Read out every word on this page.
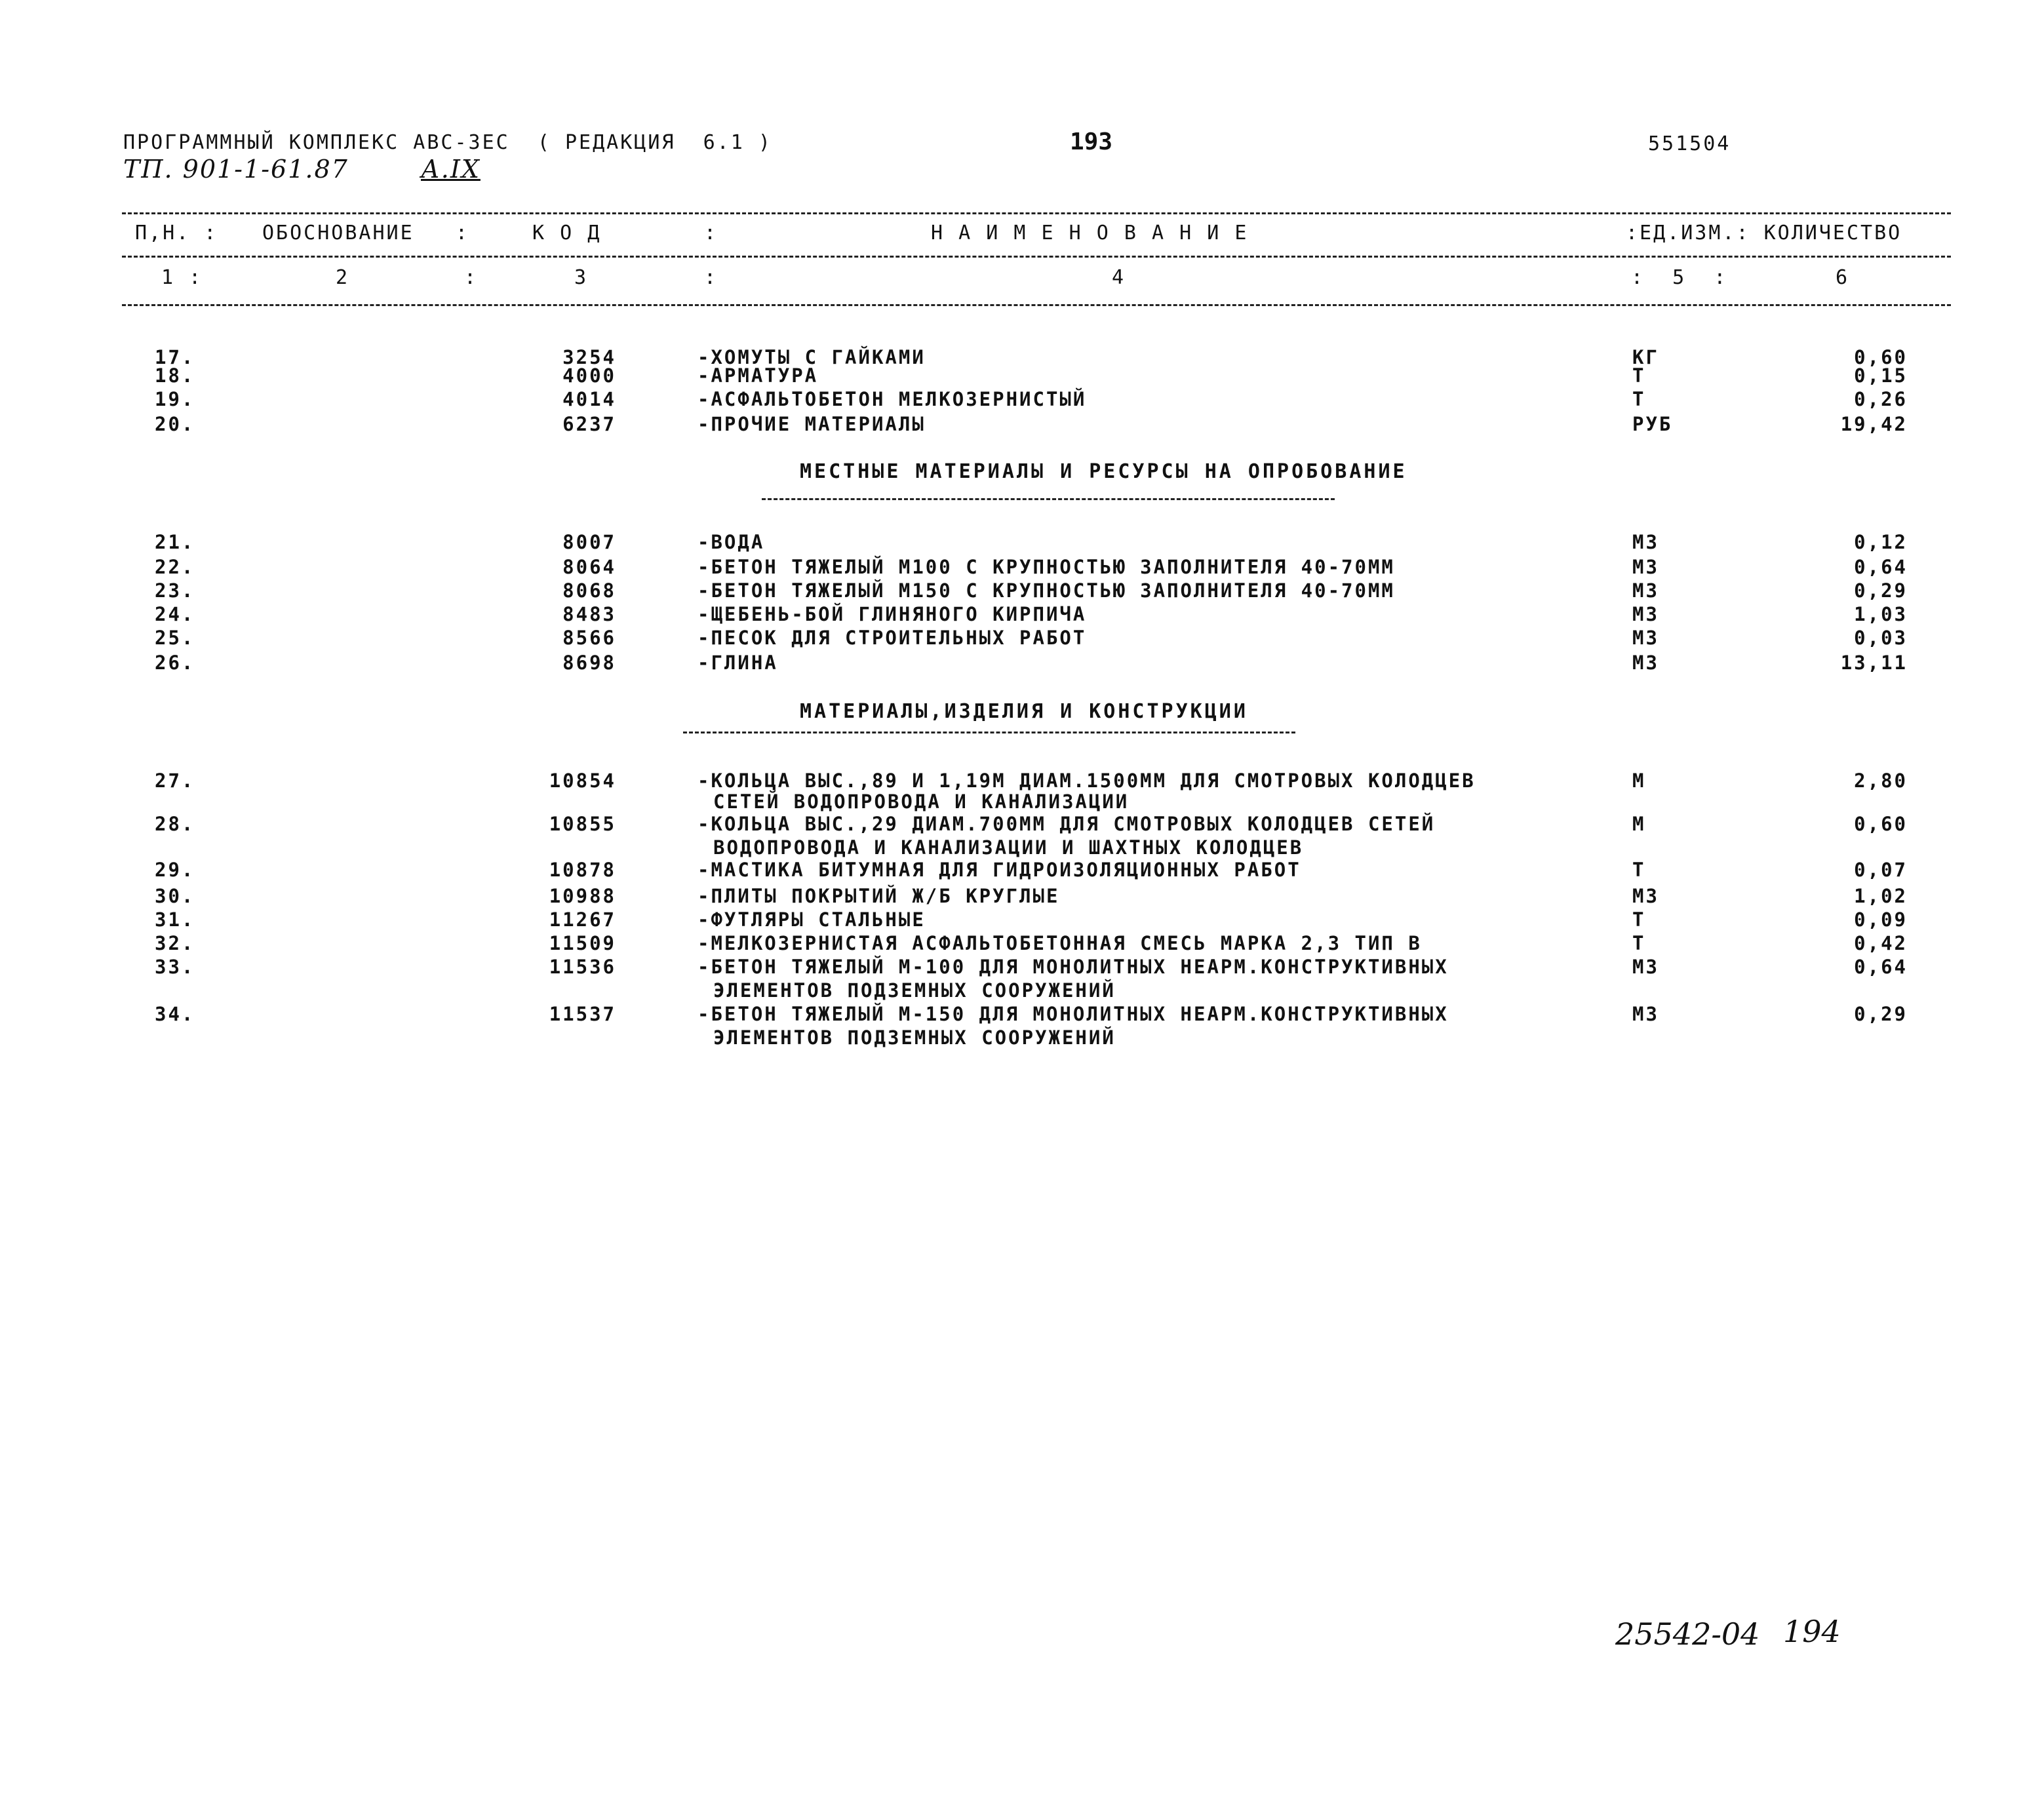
ПРОГРАММНЫЙ КОМПЛЕКС АВС-ЗЕС  ( РЕДАКЦИЯ  6.1 )	193	551504
ТП. 901-1-61.87	А.IX
П,Н. : ОБОСНОВАНИЕ   :	К О Д	:	Н А И М Е Н О В А Н И Е	:ЕД.ИЗМ.: КОЛИЧЕСТВО
1 :	2	:	3	:	4	:  5  :	6
17.	3254	-ХОМУТЫ С ГАЙКАМИ	КГ	0,60
18.	4000	-АРМАТУРА	Т	0,15
19.	4014	-АСФАЛЬТОБЕТОН МЕЛКОЗЕРНИСТЫЙ	Т	0,26
20.	6237	-ПРОЧИЕ МАТЕРИАЛЫ	РУБ	19,42
МЕСТНЫЕ МАТЕРИАЛЫ И РЕСУРСЫ НА ОПРОБОВАНИЕ
21.	8007	-ВОДА	М3	0,12
22.	8064	-БЕТОН ТЯЖЕЛЫЙ М100 С КРУПНОСТЬЮ ЗАПОЛНИТЕЛЯ 40-70ММ	М3	0,64
23.	8068	-БЕТОН ТЯЖЕЛЫЙ М150 С КРУПНОСТЬЮ ЗАПОЛНИТЕЛЯ 40-70ММ	М3	0,29
24.	8483	-ЩЕБЕНЬ-БОЙ ГЛИНЯНОГО КИРПИЧА	М3	1,03
25.	8566	-ПЕСОК ДЛЯ СТРОИТЕЛЬНЫХ РАБОТ	М3	0,03
26.	8698	-ГЛИНА	М3	13,11
МАТЕРИАЛЫ,ИЗДЕЛИЯ И КОНСТРУКЦИИ
27.	10854	-КОЛЬЦА ВЫС.,89 И 1,19М ДИАМ.1500ММ ДЛЯ СМОТРОВЫХ КОЛОДЦЕВ	М	2,80
СЕТЕЙ ВОДОПРОВОДА И КАНАЛИЗАЦИИ
28.	10855	-КОЛЬЦА ВЫС.,29 ДИАМ.700ММ ДЛЯ СМОТРОВЫХ КОЛОДЦЕВ СЕТЕЙ	М	0,60
ВОДОПРОВОДА И КАНАЛИЗАЦИИ И ШАХТНЫХ КОЛОДЦЕВ
29.	10878	-МАСТИКА БИТУМНАЯ ДЛЯ ГИДРОИЗОЛЯЦИОННЫХ РАБОТ	Т	0,07
30.	10988	-ПЛИТЫ ПОКРЫТИЙ Ж/Б КРУГЛЫЕ	М3	1,02
31.	11267	-ФУТЛЯРЫ СТАЛЬНЫЕ	Т	0,09
32.	11509	-МЕЛКОЗЕРНИСТАЯ АСФАЛЬТОБЕТОННАЯ СМЕСЬ МАРКА 2,3 ТИП В	Т	0,42
33.	11536	-БЕТОН ТЯЖЕЛЫЙ М-100 ДЛЯ МОНОЛИТНЫХ НЕАРМ.КОНСТРУКТИВНЫХ	М3	0,64
ЭЛЕМЕНТОВ ПОДЗЕМНЫХ СООРУЖЕНИЙ
34.	11537	-БЕТОН ТЯЖЕЛЫЙ М-150 ДЛЯ МОНОЛИТНЫХ НЕАРМ.КОНСТРУКТИВНЫХ	М3	0,29
ЭЛЕМЕНТОВ ПОДЗЕМНЫХ СООРУЖЕНИЙ
25542-04 194
